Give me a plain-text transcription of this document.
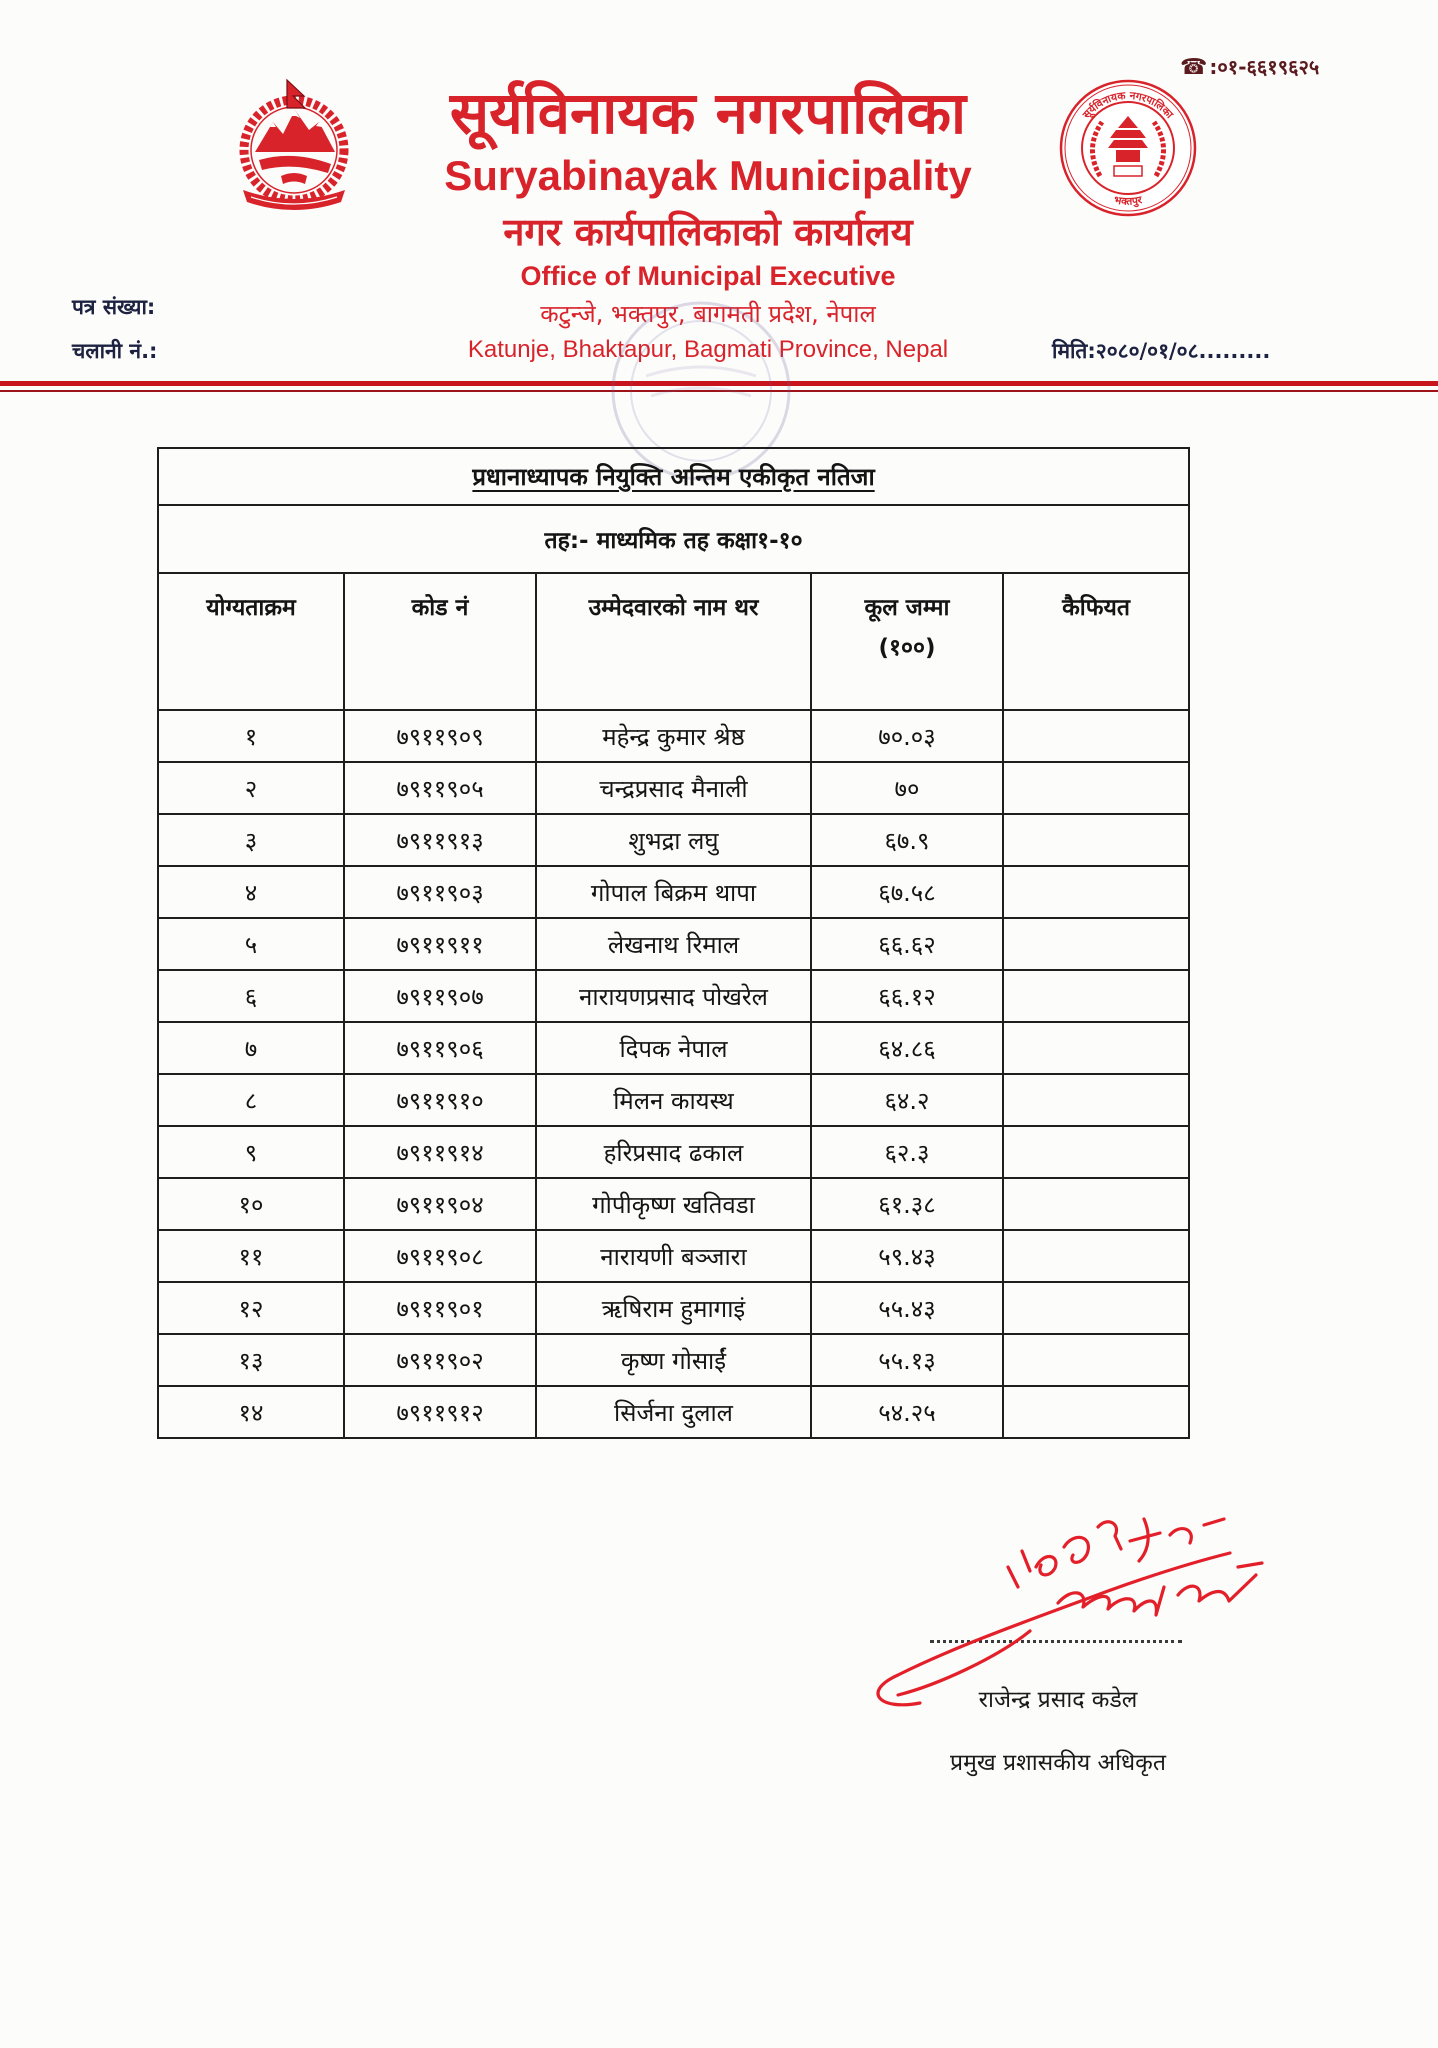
☎ :०१-६६१९६२५
सूर्यविनायक नगरपालिका
भक्तपुर
सूर्यविनायक नगरपालिका
Suryabinayak Municipality
नगर कार्यपालिकाको कार्यालय
Office of Municipal Executive
कटुन्जे, भक्तपुर, बागमती प्रदेश, नेपाल
Katunje, Bhaktapur, Bagmati Province, Nepal
पत्र संख्या:
चलानी नं.:	मिति:२०८०/०१/०८.........
प्रधानाध्यापक नियुक्ति अन्तिम एकीकृत नतिजा				
तह:- माध्यमिक तह कक्षा१-१०				

योग्यताक्रम	कोड नं	उम्मेदवारको नाम थर	कूल जम्मा
(१००)	कैफियत

१	७९११९०९	महेन्द्र कुमार श्रेष्ठ	७०.०३	
२	७९११९०५	चन्द्रप्रसाद मैनाली	७०	
३	७९११९१३	शुभद्रा लघु	६७.९	
४	७९११९०३	गोपाल बिक्रम थापा	६७.५८	
५	७९११९११	लेखनाथ रिमाल	६६.६२	
६	७९११९०७	नारायणप्रसाद पोखरेल	६६.१२	
७	७९११९०६	दिपक नेपाल	६४.८६	
८	७९११९१०	मिलन कायस्थ	६४.२	
९	७९११९१४	हरिप्रसाद ढकाल	६२.३	
१०	७९११९०४	गोपीकृष्ण खतिवडा	६१.३८	
११	७९११९०८	नारायणी बञ्जारा	५९.४३	
१२	७९११९०१	ऋषिराम हुमागाइं	५५.४३	
१३	७९११९०२	कृष्ण गोसाईं	५५.१३	
१४	७९११९१२	सिर्जना दुलाल	५४.२५	
राजेन्द्र प्रसाद कडेल
प्रमुख प्रशासकीय अधिकृत
